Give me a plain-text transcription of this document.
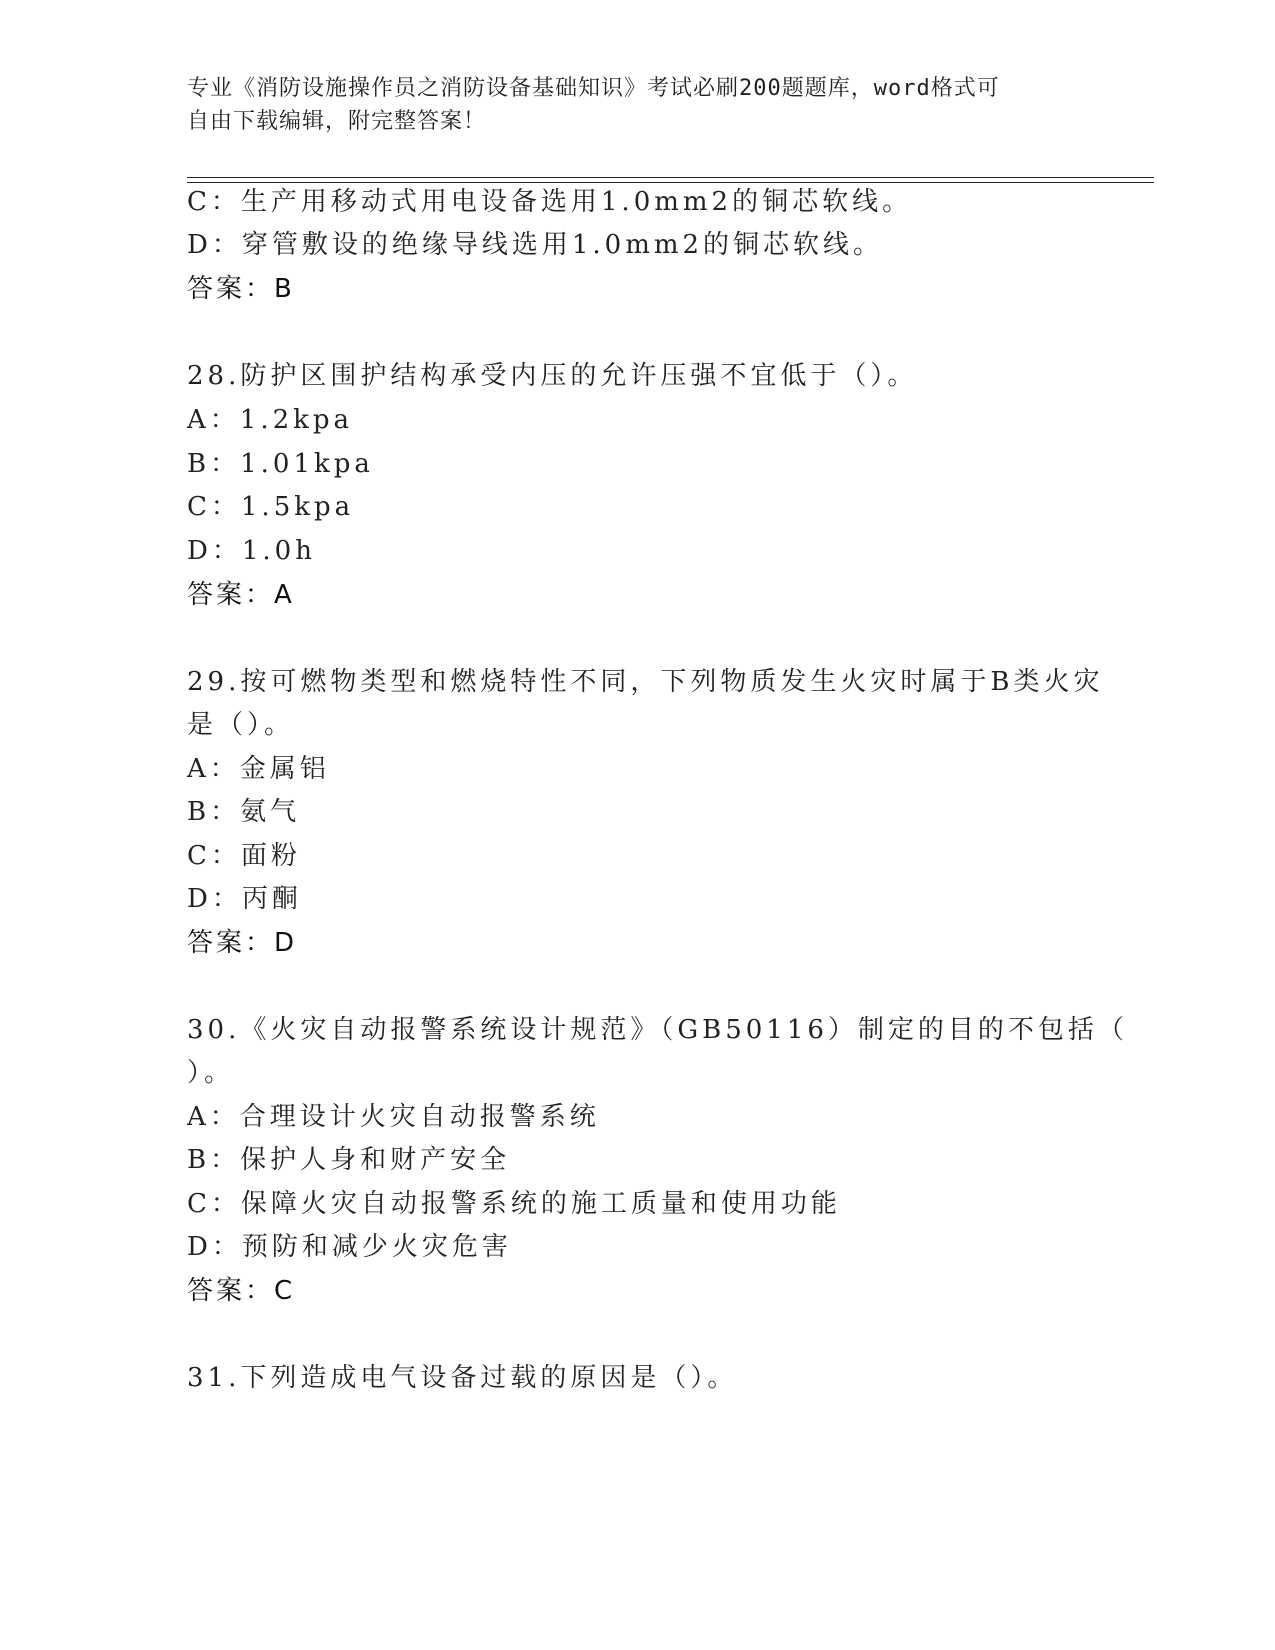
专业《消防设施操作员之消防设备基础知识》考试必刷200题题库，word格式可
自由下载编辑，附完整答案！
C：生产用移动式用电设备选用1.0mm2的铜芯软线。
D：穿管敷设的绝缘导线选用1.0mm2的铜芯软线。
答案：B
28.防护区围护结构承受内压的允许压强不宜低于（）。
A：1.2kpa
B：1.01kpa
C：1.5kpa
D：1.0h
答案：A
29.按可燃物类型和燃烧特性不同，下列物质发生火灾时属于B类火灾
是（）。
A：金属铝
B：氨气
C：面粉
D：丙酮
答案：D
30.《火灾自动报警系统设计规范》（GB50116）制定的目的不包括（
）。
A：合理设计火灾自动报警系统
B：保护人身和财产安全
C：保障火灾自动报警系统的施工质量和使用功能
D：预防和减少火灾危害
答案：C
31.下列造成电气设备过载的原因是（）。
